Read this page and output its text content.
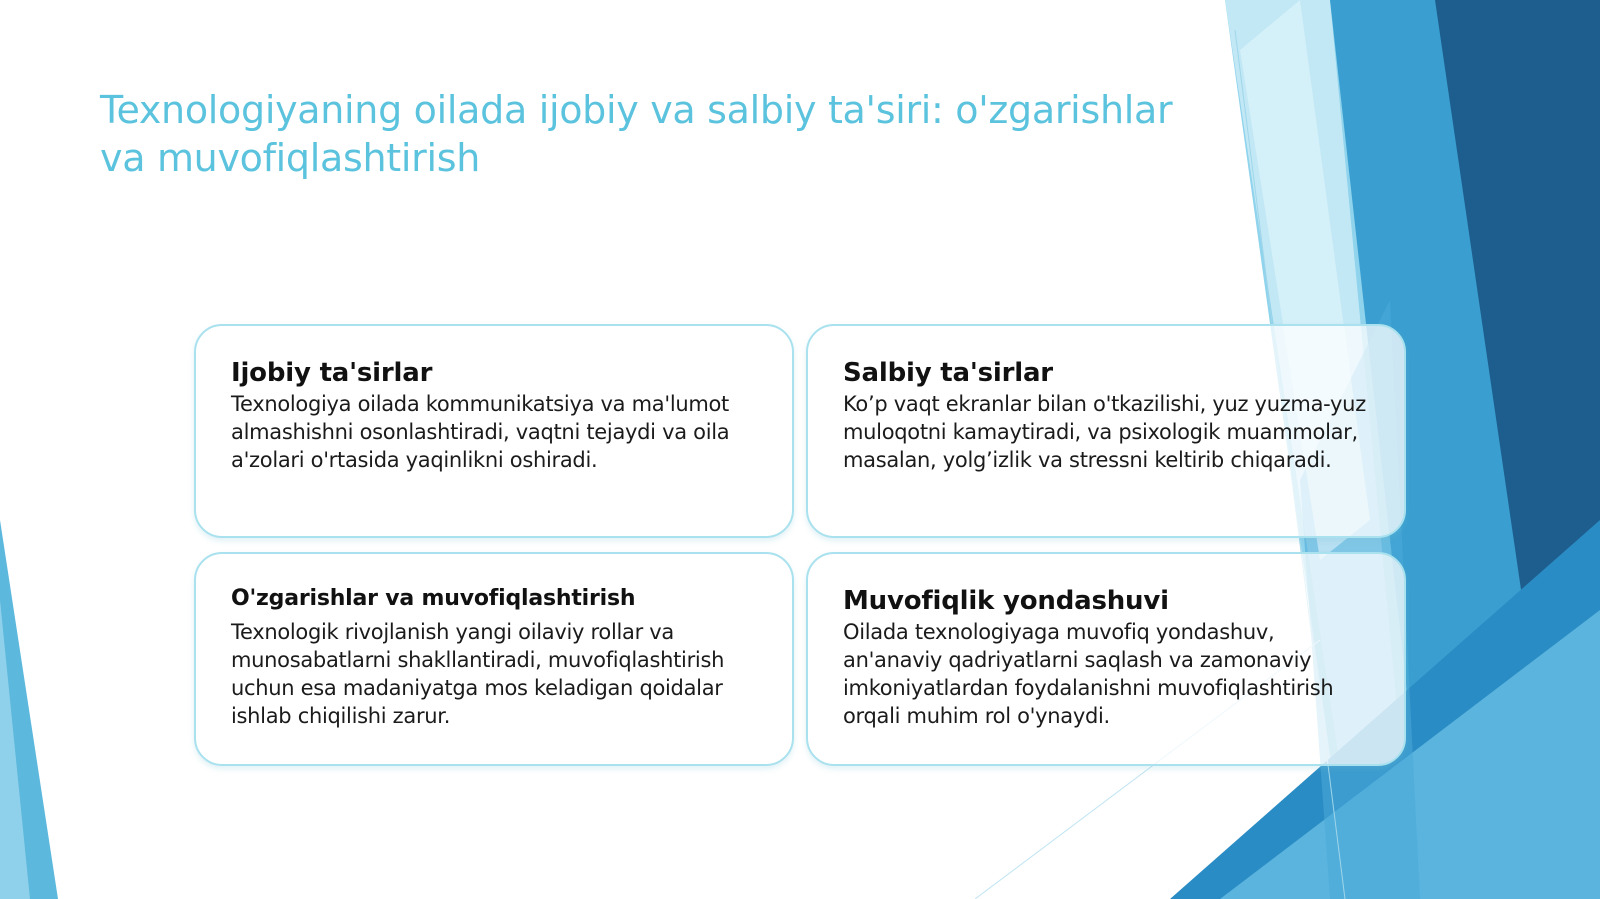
Texnologiyaning oilada ijobiy va salbiy ta'siri: o'zgarishlar va muvofiqlashtirish
Ijobiy ta'sirlar

Texnologiya oilada kommunikatsiya va ma'lumot almashishni osonlashtiradi, vaqtni tejaydi va oila a'zolari o'rtasida yaqinlikni oshiradi.

Salbiy ta'sirlar

Ko’p vaqt ekranlar bilan o'tkazilishi, yuz yuzma-yuz muloqotni kamaytiradi, va psixologik muammolar, masalan, yolg’izlik va stressni keltirib chiqaradi.

O'zgarishlar va muvofiqlashtirish

Texnologik rivojlanish yangi oilaviy rollar va munosabatlarni shakllantiradi, muvofiqlashtirish uchun esa madaniyatga mos keladigan qoidalar ishlab chiqilishi zarur.

Muvofiqlik yondashuvi

Oilada texnologiyaga muvofiq yondashuv, an'anaviy qadriyatlarni saqlash va zamonaviy imkoniyatlardan foydalanishni muvofiqlashtirish orqali muhim rol o'ynaydi.
